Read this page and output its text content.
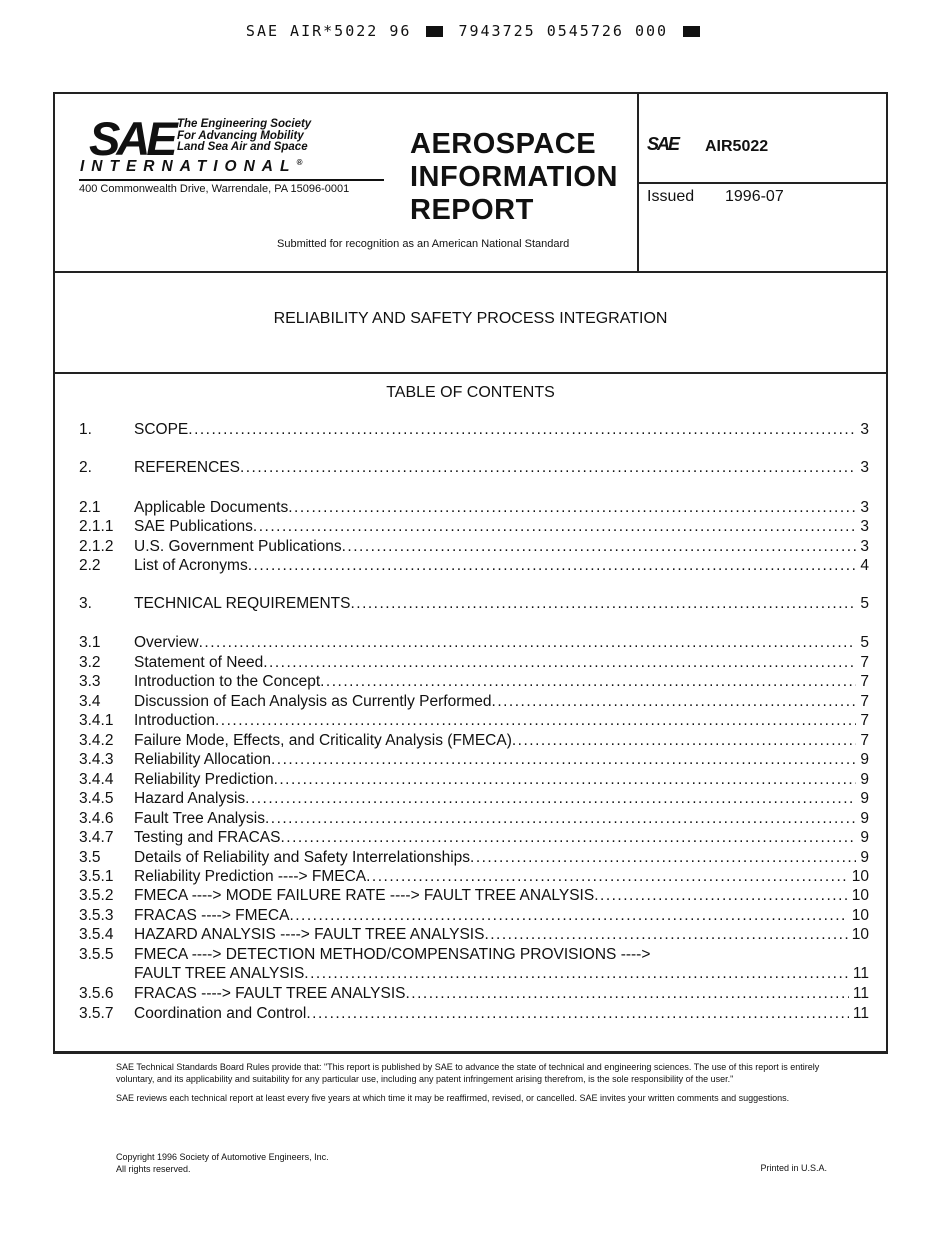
SAE AIR*5022 96	7943725 0545726 000
SAE The Engineering Society
For Advancing Mobility
Land Sea Air and Space
INTERNATIONAL®
400 Commonwealth Drive, Warrendale, PA 15096-0001
AEROSPACE
INFORMATION
REPORT
Submitted for recognition as an American National Standard
SAE AIR5022
Issued 1996-07
RELIABILITY AND SAFETY PROCESS INTEGRATION
TABLE OF CONTENTS
1.	SCOPE .....	3
2.	REFERENCES .....	3
2.1 Applicable Documents .....	3
2.1.1 SAE Publications .....	3
2.1.2 U.S. Government Publications .....	3
2.2 List of Acronyms .....	4
3.	TECHNICAL REQUIREMENTS .....	5
3.1 Overview .....	5
3.2 Statement of Need .....	7
3.3 Introduction to the Concept .....	7
3.4 Discussion of Each Analysis as Currently Performed .....	7
3.4.1 Introduction .....	7
3.4.2 Failure Mode, Effects, and Criticality Analysis (FMECA) .....	7
3.4.3 Reliability Allocation .....	9
3.4.4 Reliability Prediction .....	9
3.4.5 Hazard Analysis .....	9
3.4.6 Fault Tree Analysis .....	9
3.4.7 Testing and FRACAS .....	9
3.5 Details of Reliability and Safety Interrelationships .....	9
3.5.1 Reliability Prediction ----> FMECA .....	10
3.5.2 FMECA ----> MODE FAILURE RATE ----> FAULT TREE ANALYSIS .....	10
3.5.3 FRACAS ----> FMECA .....	10
3.5.4 HAZARD ANALYSIS ----> FAULT TREE ANALYSIS .....	10
3.5.5 FMECA ----> DETECTION METHOD/COMPENSATING PROVISIONS ---->
FAULT TREE ANALYSIS .....	11
3.5.6 FRACAS ----> FAULT TREE ANALYSIS .....	11
3.5.7 Coordination and Control .....	11

SAE Technical Standards Board Rules provide that: "This report is published by SAE to advance the state of technical and engineering sciences. The use of this report is entirely voluntary, and its applicability and suitability for any particular use, including any patent infringement arising therefrom, is the sole responsibility of the user."

SAE reviews each technical report at least every five years at which time it may be reaffirmed, revised, or cancelled. SAE invites your written comments and suggestions.

Copyright 1996 Society of Automotive Engineers, Inc.
All rights reserved.	Printed in U.S.A.
